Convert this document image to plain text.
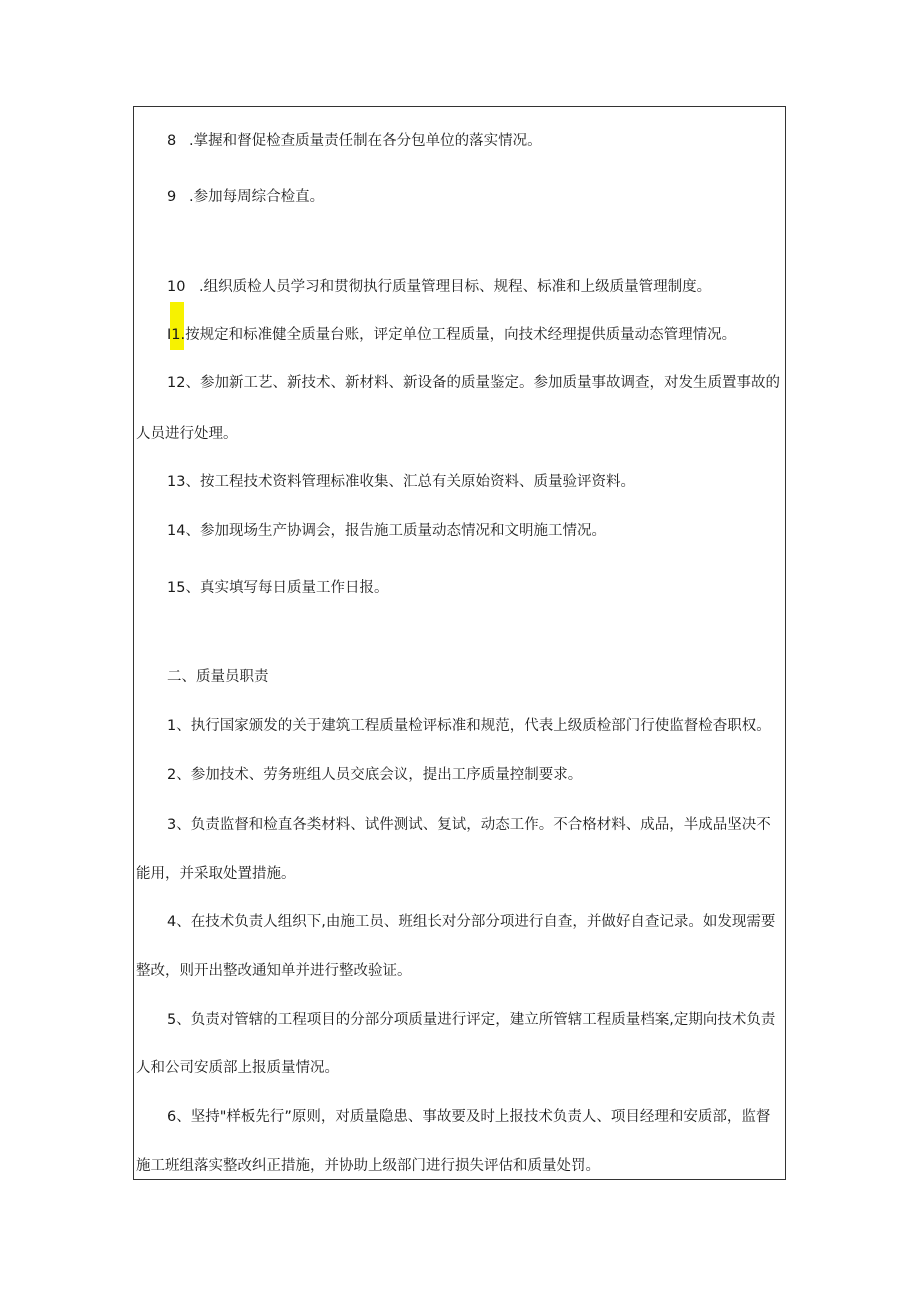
8 .掌握和督促检查质量责任制在各分包单位的落实情况。
9 .参加每周综合检直。
10 .组织质检人员学习和贯彻执行质量管理目标、规程、标准和上级质量管理制度。
I1.按规定和标准健全质量台账，评定单位工程质量，向技术经理提供质量动态管理情况。
12、参加新工艺、新技术、新材料、新设备的质量鉴定。参加质量事故调查，对发生质置事故的
人员进行处理。
13、按工程技术资料管理标准收集、汇总有关原始资料、质量验评资料。
14、参加现场生产协调会，报告施工质量动态情况和文明施工情况。
15、真实填写每日质量工作日报。
二、质量员职责
1、执行国家颁发的关于建筑工程质量检评标准和规范，代表上级质检部门行使监督检杳职权。
2、参加技术、劳务班组人员交底会议，提出工序质量控制要求。
3、负责监督和检直各类材料、试件测试、复试，动态工作。不合格材料、成品，半成品坚决不
能用，并采取处置措施。
4、在技术负责人组织下,由施工员、班组长对分部分项进行自查，并做好自查记录。如发现需要
整改，则开出整改通知单并进行整改验证。
5、负责对管辖的工程项目的分部分项质量进行评定，建立所管辖工程质量档案,定期向技术负责
人和公司安质部上报质量情况。
6、坚持"样板先行”原则，对质量隐患、事故要及时上报技术负责人、项目经理和安质部，监督
施工班组落实整改纠正措施，并协助上级部门进行损失评估和质量处罚。
